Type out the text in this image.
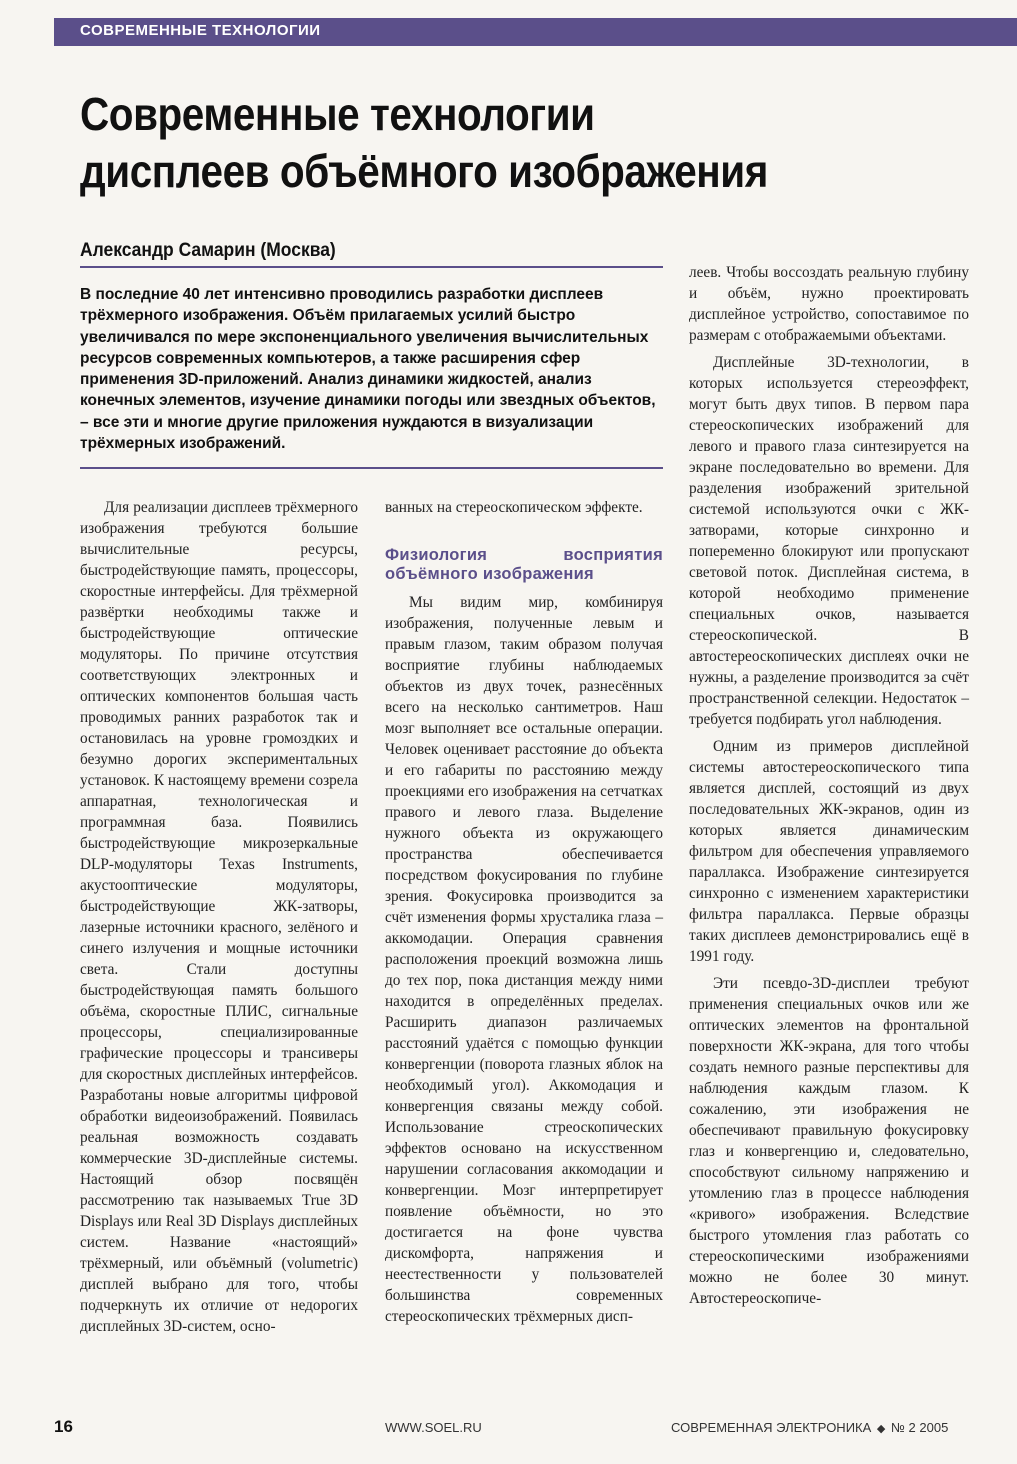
СОВРЕМЕННЫЕ ТЕХНОЛОГИИ
Современные технологии
дисплеев объёмного изображения
Александр Самарин (Москва)

В последние 40 лет интенсивно проводились разработки дисплеев трёхмерного изображения. Объём прилагаемых усилий быстро увеличивался по мере экспоненциального увеличения вычислительных ресурсов современных компьютеров, а также расширения сфер применения 3D-приложений. Анализ динамики жидкостей, анализ конечных элементов, изучение динамики погоды или звездных объектов, – все эти и многие другие приложения нуждаются в визуализации трёхмерных изображений.

Для реализации дисплеев трёхмерного изображения требуются большие вычислительные ресурсы, быстродействующие память, процессоры, скоростные интерфейсы. Для трёхмерной развёртки необходимы также и быстродействующие оптические модуляторы. По причине отсутствия соответствующих электронных и оптических компонентов большая часть проводимых ранних разработок так и остановилась на уровне громоздких и безумно дорогих экспериментальных установок. К настоящему времени созрела аппаратная, технологическая и программная база. Появились быстродействующие микрозеркальные DLP-модуляторы Texas Instruments, акустооптические модуляторы, быстродействующие ЖК-затворы, лазерные источники красного, зелёного и синего излучения и мощные источники света. Стали доступны быстродействующая память большого объёма, скоростные ПЛИС, сигнальные процессоры, специализированные графические процессоры и трансиверы для скоростных дисплейных интерфейсов. Разработаны новые алгоритмы цифровой обработки видеоизображений. Появилась реальная возможность создавать коммерческие 3D-дисплейные системы. Настоящий обзор посвящён рассмотрению так называемых True 3D Displays или Real 3D Displays дисплейных систем. Название «настоящий» трёхмерный, или объёмный (volumetric) дисплей выбрано для того, чтобы подчеркнуть их отличие от недорогих дисплейных 3D-систем, осно-

ванных на стереоскопическом эффекте.

Физиология восприятия объёмного изображения

Мы видим мир, комбинируя изображения, полученные левым и правым глазом, таким образом получая восприятие глубины наблюдаемых объектов из двух точек, разнесённых всего на несколько сантиметров. Наш мозг выполняет все остальные операции. Человек оценивает расстояние до объекта и его габариты по расстоянию между проекциями его изображения на сетчатках правого и левого глаза. Выделение нужного объекта из окружающего пространства обеспечивается посредством фокусирования по глубине зрения. Фокусировка производится за счёт изменения формы хрусталика глаза – аккомодации. Операция сравнения расположения проекций возможна лишь до тех пор, пока дистанция между ними находится в определённых пределах. Расширить диапазон различаемых расстояний удаётся с помощью функции конвергенции (поворота глазных яблок на необходимый угол). Аккомодация и конвергенция связаны между собой. Использование стреоскопических эффектов основано на искусственном нарушении согласования аккомодации и конвергенции. Мозг интерпретирует появление объёмности, но это достигается на фоне чувства дискомфорта, напряжения и неестественности у пользователей большинства современных стереоскопических трёхмерных дисп-

леев. Чтобы воссоздать реальную глубину и объём, нужно проектировать дисплейное устройство, сопоставимое по размерам с отображаемыми объектами.

Дисплейные 3D-технологии, в которых используется стереоэффект, могут быть двух типов. В первом пара стереоскопических изображений для левого и правого глаза синтезируется на экране последовательно во времени. Для разделения изображений зрительной системой используются очки с ЖК-затворами, которые синхронно и попеременно блокируют или пропускают световой поток. Дисплейная система, в которой необходимо применение специальных очков, называется стереоскопической. В автостереоскопических дисплеях очки не нужны, а разделение производится за счёт пространственной селекции. Недостаток – требуется подбирать угол наблюдения.

Одним из примеров дисплейной системы автостереоскопического типа является дисплей, состоящий из двух последовательных ЖК-экранов, один из которых является динамическим фильтром для обеспечения управляемого параллакса. Изображение синтезируется синхронно с изменением характеристики фильтра параллакса. Первые образцы таких дисплеев демонстрировались ещё в 1991 году.

Эти псевдо-3D-дисплеи требуют применения специальных очков или же оптических элементов на фронтальной поверхности ЖК-экрана, для того чтобы создать немного разные перспективы для наблюдения каждым глазом. К сожалению, эти изображения не обеспечивают правильную фокусировку глаз и конвергенцию и, следовательно, способствуют сильному напряжению и утомлению глаз в процессе наблюдения «кривого» изображения. Вследствие быстрого утомления глаз работать со стереоскопическими изображениями можно не более 30 минут. Автостереоскопиче-

16	WWW.SOEL.RU	СОВРЕМЕННАЯ ЭЛЕКТРОНИКА ◆ № 2 2005
